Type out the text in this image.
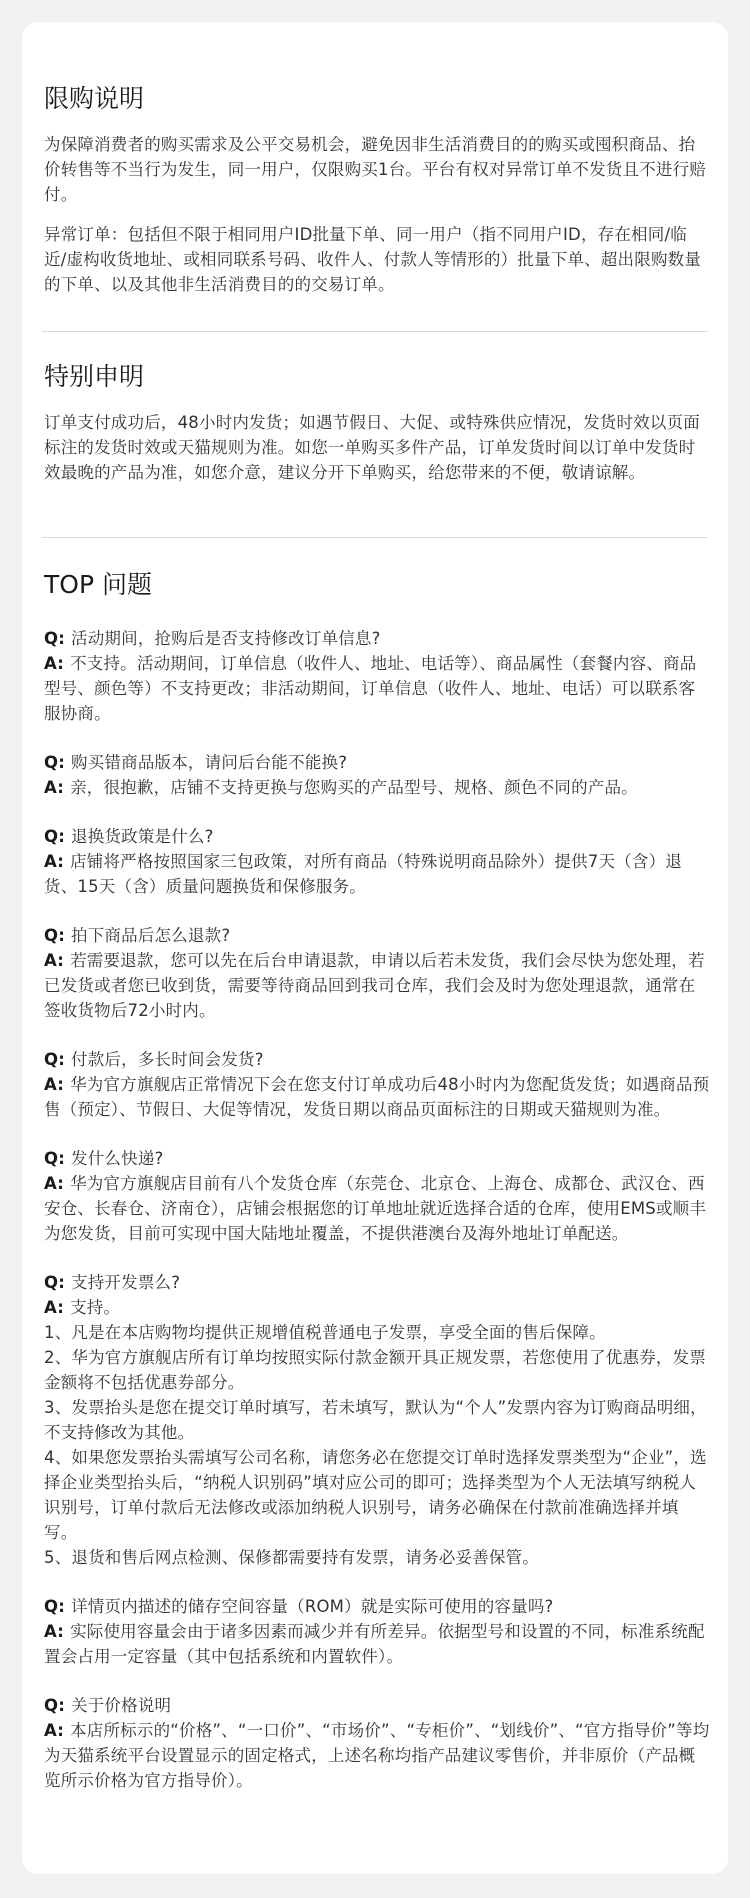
限购说明

为保障消费者的购买需求及公平交易机会，避免因非生活消费目的的购买或囤积商品、抬价转售等不当行为发生，同一用户，仅限购买1台。平台有权对异常订单不发货且不进行赔付。

异常订单：包括但不限于相同用户ID批量下单、同一用户（指不同用户ID，存在相同/临近/虚构收货地址、或相同联系号码、收件人、付款人等情形的）批量下单、超出限购数量的下单、以及其他非生活消费目的的交易订单。

特别申明

订单支付成功后，48小时内发货；如遇节假日、大促、或特殊供应情况，发货时效以页面标注的发货时效或天猫规则为准。如您一单购买多件产品，订单发货时间以订单中发货时效最晚的产品为准，如您介意，建议分开下单购买，给您带来的不便，敬请谅解。

TOP 问题

Q: 活动期间，抢购后是否支持修改订单信息?

A: 不支持。活动期间，订单信息（收件人、地址、电话等）、商品属性（套餐内容、商品型号、颜色等）不支持更改；非活动期间，订单信息（收件人、地址、电话）可以联系客服协商。

Q: 购买错商品版本，请问后台能不能换?

A: 亲，很抱歉，店铺不支持更换与您购买的产品型号、规格、颜色不同的产品。

Q: 退换货政策是什么?

A: 店铺将严格按照国家三包政策，对所有商品（特殊说明商品除外）提供7天（含）退货、15天（含）质量问题换货和保修服务。

Q: 拍下商品后怎么退款?

A: 若需要退款，您可以先在后台申请退款，申请以后若未发货，我们会尽快为您处理，若已发货或者您已收到货，需要等待商品回到我司仓库，我们会及时为您处理退款，通常在签收货物后72小时内。

Q: 付款后，多长时间会发货?

A: 华为官方旗舰店正常情况下会在您支付订单成功后48小时内为您配货发货；如遇商品预售（预定）、节假日、大促等情况，发货日期以商品页面标注的日期或天猫规则为准。

Q: 发什么快递?

A: 华为官方旗舰店目前有八个发货仓库（东莞仓、北京仓、上海仓、成都仓、武汉仓、西安仓、长春仓、济南仓），店铺会根据您的订单地址就近选择合适的仓库，使用EMS或顺丰为您发货，目前可实现中国大陆地址覆盖，不提供港澳台及海外地址订单配送。

Q: 支持开发票么?

A: 支持。

1、凡是在本店购物均提供正规增值税普通电子发票，享受全面的售后保障。

2、华为官方旗舰店所有订单均按照实际付款金额开具正规发票，若您使用了优惠券，发票金额将不包括优惠券部分。

3、发票抬头是您在提交订单时填写，若未填写，默认为“个人”发票内容为订购商品明细，不支持修改为其他。

4、如果您发票抬头需填写公司名称，请您务必在您提交订单时选择发票类型为“企业”，选择企业类型抬头后，“纳税人识别码”填对应公司的即可；选择类型为个人无法填写纳税人识别号，订单付款后无法修改或添加纳税人识别号，请务必确保在付款前准确选择并填写。

5、退货和售后网点检测、保修都需要持有发票，请务必妥善保管。

Q: 详情页内描述的储存空间容量（ROM）就是实际可使用的容量吗?

A: 实际使用容量会由于诸多因素而减少并有所差异。依据型号和设置的不同，标准系统配置会占用一定容量（其中包括系统和内置软件）。

Q: 关于价格说明

A: 本店所标示的“价格”、“一口价”、“市场价”、“专柜价”、“划线价”、“官方指导价”等均为天猫系统平台设置显示的固定格式，上述名称均指产品建议零售价，并非原价（产品概览所示价格为官方指导价）。
